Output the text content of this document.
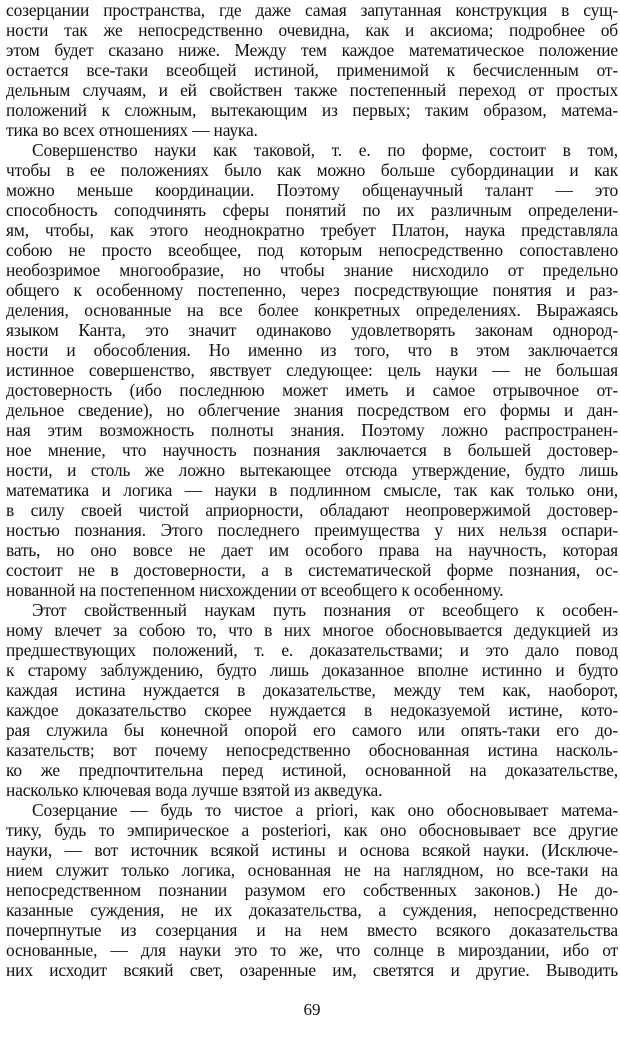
созерцании пространства, где даже самая запутанная конструкция в сущ-
ности так же непосредственно очевидна, как и аксиома; подробнее об
этом будет сказано ниже. Между тем каждое математическое положение
остается все-таки всеобщей истиной, применимой к бесчисленным от-
дельным случаям, и ей свойствен также постепенный переход от простых
положений к сложным, вытекающим из первых; таким образом, матема-
тика во всех отношениях — наука.
Совершенство науки как таковой, т. е. по форме, состоит в том,
чтобы в ее положениях было как можно больше субординации и как
можно меньше координации. Поэтому общенаучный талант — это
способность соподчинять сферы понятий по их различным определени-
ям, чтобы, как этого неоднократно требует Платон, наука представляла
собою не просто всеобщее, под которым непосредственно сопоставлено
необозримое многообразие, но чтобы знание нисходило от предельно
общего к особенному постепенно, через посредствующие понятия и раз-
деления, основанные на все более конкретных определениях. Выражаясь
языком Канта, это значит одинаково удовлетворять законам однород-
ности и обособления. Но именно из того, что в этом заключается
истинное совершенство, явствует следующее: цель науки — не большая
достоверность (ибо последнюю может иметь и самое отрывочное от-
дельное сведение), но облегчение знания посредством его формы и дан-
ная этим возможность полноты знания. Поэтому ложно распространен-
ное мнение, что научность познания заключается в большей достовер-
ности, и столь же ложно вытекающее отсюда утверждение, будто лишь
математика и логика — науки в подлинном смысле, так как только они,
в силу своей чистой априорности, обладают неопровержимой достовер-
ностью познания. Этого последнего преимущества у них нельзя оспари-
вать, но оно вовсе не дает им особого права на научность, которая
состоит не в достоверности, а в систематической форме познания, ос-
нованной на постепенном нисхождении от всеобщего к особенному.
Этот свойственный наукам путь познания от всеобщего к особен-
ному влечет за собою то, что в них многое обосновывается дедукцией из
предшествующих положений, т. е. доказательствами; и это дало повод
к старому заблуждению, будто лишь доказанное вполне истинно и будто
каждая истина нуждается в доказательстве, между тем как, наоборот,
каждое доказательство скорее нуждается в недоказуемой истине, кото-
рая служила бы конечной опорой его самого или опять-таки его до-
казательств; вот почему непосредственно обоснованная истина насколь-
ко же предпочтительна перед истиной, основанной на доказательстве,
насколько ключевая вода лучше взятой из акведука.
Созерцание — будь то чистое a priori, как оно обосновывает матема-
тику, будь то эмпирическое a posteriori, как оно обосновывает все другие
науки, — вот источник всякой истины и основа всякой науки. (Исключе-
нием служит только логика, основанная не на наглядном, но все-таки на
непосредственном познании разумом его собственных законов.) Не до-
казанные суждения, не их доказательства, а суждения, непосредственно
почерпнутые из созерцания и на нем вместо всякого доказательства
основанные, — для науки это то же, что солнце в мироздании, ибо от
них исходит всякий свет, озаренные им, светятся и другие. Выводить
69
